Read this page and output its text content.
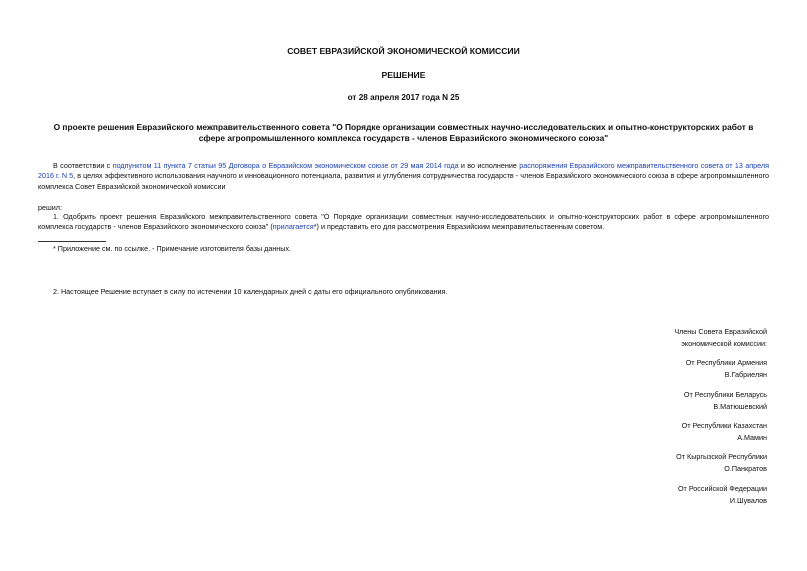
СОВЕТ ЕВРАЗИЙСКОЙ ЭКОНОМИЧЕСКОЙ КОМИССИИ
РЕШЕНИЕ
от 28 апреля 2017 года N 25
О проекте решения Евразийского межправительственного совета "О Порядке организации совместных научно-исследовательских и опытно-конструкторских работ в сфере агропромышленного комплекса государств - членов Евразийского экономического союза"
В соответствии с подпунктом 11 пункта 7 статьи 95 Договора о Евразийском экономическом союзе от 29 мая 2014 года и во исполнение распоряжения Евразийского межправительственного совета от 13 апреля 2016 г. N 5, в целях эффективного использования научного и инновационного потенциала, развития и углубления сотрудничества государств - членов Евразийского экономического союза в сфере агропромышленного комплекса Совет Евразийской экономической комиссии
решил:
1. Одобрить проект решения Евразийского межправительственного совета "О Порядке организации совместных научно-исследовательских и опытно-конструкторских работ в сфере агропромышленного комплекса государств - членов Евразийского экономического союза" (прилагается*) и представить его для рассмотрения Евразийским межправительственным советом.
* Приложение см. по ссылке. - Примечание изготовителя базы данных.
2. Настоящее Решение вступает в силу по истечении 10 календарных дней с даты его официального опубликования.
Члены Совета Евразийской
экономической комиссии:
От Республики Армения
В.Габриелян
От Республики Беларусь
В.Матюшевский
От Республики Казахстан
А.Мамин
От Кыргызской Республики
О.Панкратов
От Российской Федерации
И.Шувалов
